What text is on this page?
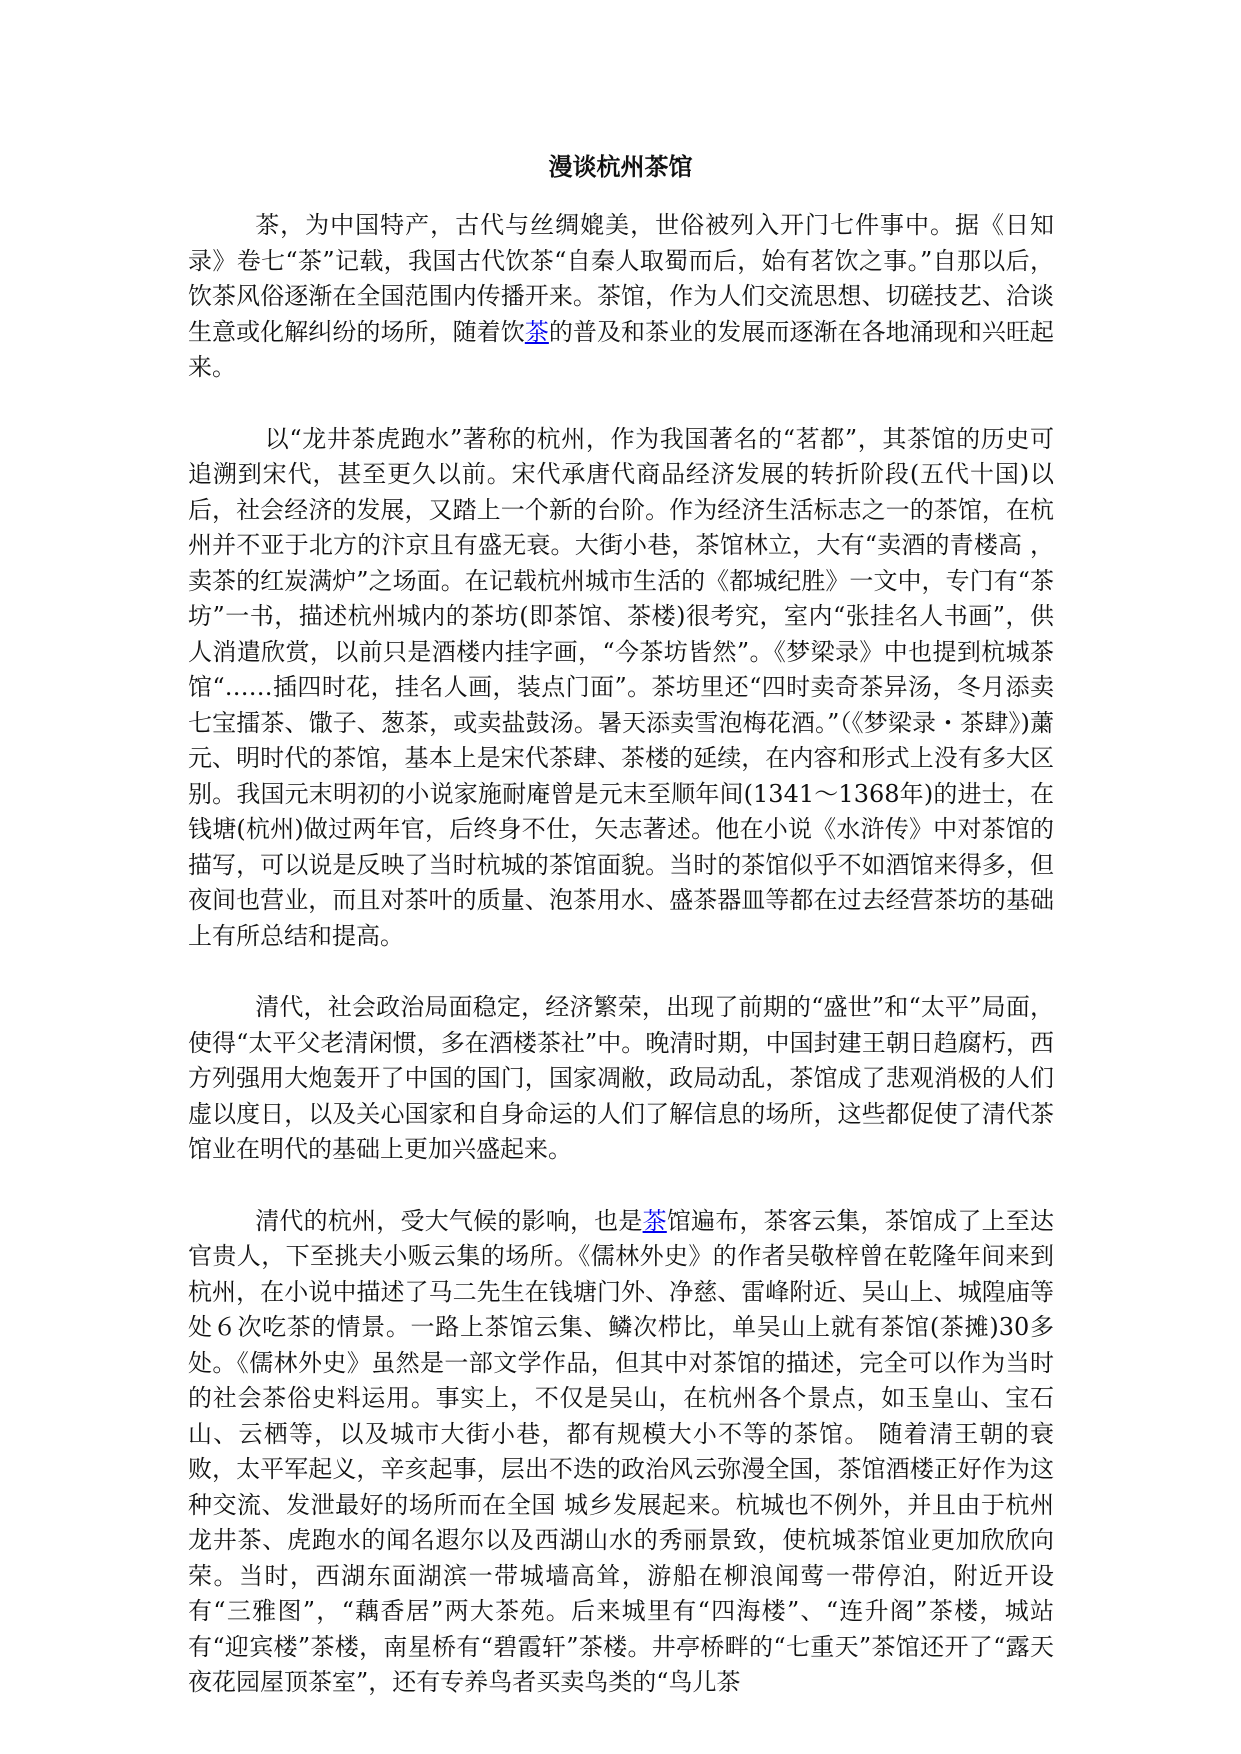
漫谈杭州茶馆

茶，为中国特产，古代与丝绸媲美，世俗被列入开门七件事中。据《日知录》卷七“茶”记载，我国古代饮茶“自秦人取蜀而后，始有茗饮之事。”自那以后，饮茶风俗逐渐在全国范围内传播开来。茶馆，作为人们交流思想、切磋技艺、洽谈生意或化解纠纷的场所，随着饮茶的普及和茶业的发展而逐渐在各地涌现和兴旺起来。

以“龙井茶虎跑水”著称的杭州，作为我国著名的“茗都”，其茶馆的历史可追溯到宋代，甚至更久以前。宋代承唐代商品经济发展的转折阶段(五代十国)以后，社会经济的发展，又踏上一个新的台阶。作为经济生活标志之一的茶馆，在杭州并不亚于北方的汴京且有盛无衰。大街小巷，茶馆林立，大有“卖酒的青楼高 ，卖茶的红炭满炉”之场面。在记载杭州城市生活的《都城纪胜》一文中，专门有“茶坊”一书，描述杭州城内的茶坊(即茶馆、茶楼)很考究，室内“张挂名人书画”，供人消遣欣赏，以前只是酒楼内挂字画，“今茶坊皆然”。《梦梁录》中也提到杭城茶馆“……插四时花，挂名人画，装点门面”。茶坊里还“四时卖奇茶异汤，冬月添卖七宝擂茶、馓子、葱茶，或卖盐鼓汤。暑天添卖雪泡梅花酒。”（《梦梁录・茶肆》)䔥元、明时代的茶馆，基本上是宋代茶肆、茶楼的延续，在内容和形式上没有多大区别。我国元末明初的小说家施耐庵曾是元末至顺年间(1341～1368年)的进士，在钱塘(杭州)做过两年官，后终身不仕，矢志著述。他在小说《水浒传》中对茶馆的描写，可以说是反映了当时杭城的茶馆面貌。当时的茶馆似乎不如酒馆来得多，但夜间也营业，而且对茶叶的质量、泡茶用水、盛茶器皿等都在过去经营茶坊的基础上有所总结和提高。

清代，社会政治局面稳定，经济繁荣，出现了前期的“盛世”和“太平”局面，使得“太平父老清闲惯，多在酒楼茶社”中。晚清时期，中国封建王朝日趋腐朽，西方列强用大炮轰开了中国的国门，国家凋敝，政局动乱，茶馆成了悲观消极的人们虚以度日，以及关心国家和自身命运的人们了解信息的场所，这些都促使了清代茶馆业在明代的基础上更加兴盛起来。

清代的杭州，受大气候的影响，也是茶馆遍布，茶客云集，茶馆成了上至达官贵人，下至挑夫小贩云集的场所。《儒林外史》的作者吴敬梓曾在乾隆年间来到杭州，在小说中描述了马二先生在钱塘门外、净慈、雷峰附近、吴山上、城隍庙等处６次吃茶的情景。一路上茶馆云集、鳞次栉比，单吴山上就有茶馆(茶摊)30多处。《儒林外史》虽然是一部文学作品，但其中对茶馆的描述，完全可以作为当时的社会茶俗史料运用。事实上，不仅是吴山，在杭州各个景点，如玉皇山、宝石山、云栖等，以及城市大街小巷，都有规模大小不等的茶馆。 随着清王朝的衰败，太平军起义，辛亥起事，层出不迭的政治风云弥漫全国，茶馆酒楼正好作为这种交流、发泄最好的场所而在全国 城乡发展起来。杭城也不例外，并且由于杭州龙井茶、虎跑水的闻名遐尔以及西湖山水的秀丽景致，使杭城茶馆业更加欣欣向荣。当时，西湖东面湖滨一带城墙高耸，游船在柳浪闻莺一带停泊，附近开设有“三雅图”，“藕香居”两大茶苑。后来城里有“四海楼”、“连升阁”茶楼，城站有“迎宾楼”茶楼，南星桥有“碧霞轩”茶楼。井亭桥畔的“七重天”茶馆还开了“露天夜花园屋顶茶室”，还有专养鸟者买卖鸟类的“鸟儿茶
